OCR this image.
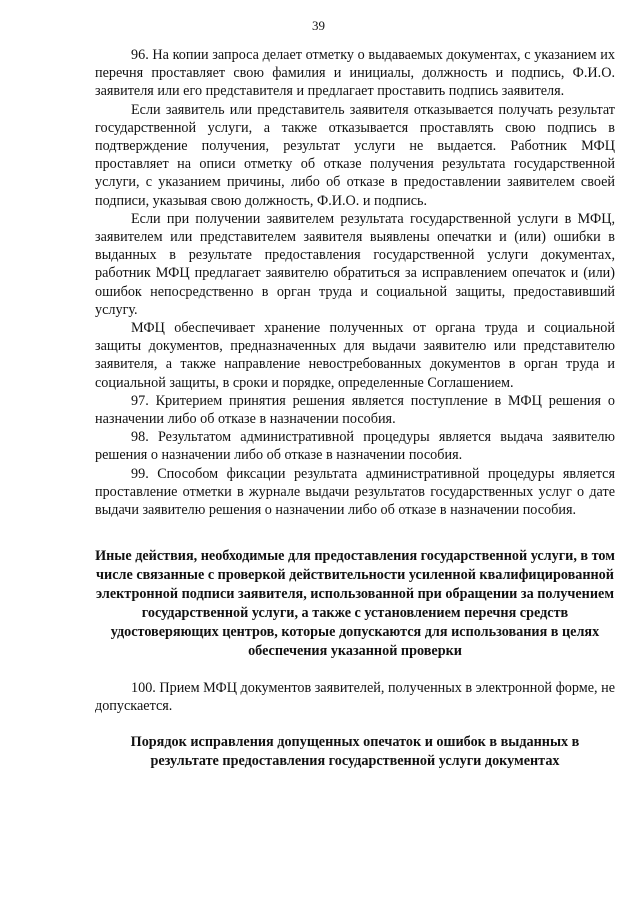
39

96. На копии запроса делает отметку о выдаваемых документах, с указанием их перечня проставляет свою фамилия и инициалы, должность и подпись, Ф.И.О. заявителя или его представителя и предлагает проставить подпись заявителя.

Если заявитель или представитель заявителя отказывается получать результат государственной услуги, а также отказывается проставлять свою подпись в подтверждение получения, результат услуги не выдается. Работник МФЦ проставляет на описи отметку об отказе получения результата государственной услуги, с указанием причины, либо об отказе в предоставлении заявителем своей подписи, указывая свою должность, Ф.И.О. и подпись.

Если при получении заявителем результата государственной услуги в МФЦ, заявителем или представителем заявителя выявлены опечатки и (или) ошибки в выданных в результате предоставления государственной услуги документах, работник МФЦ предлагает заявителю обратиться за исправлением опечаток и (или) ошибок непосредственно в орган труда и социальной защиты, предоставивший услугу.

МФЦ обеспечивает хранение полученных от органа труда и социальной защиты документов, предназначенных для выдачи заявителю или представителю заявителя, а также направление невостребованных документов в орган труда и социальной защиты, в сроки и порядке, определенные Соглашением.

97. Критерием принятия решения является поступление в МФЦ решения о назначении либо об отказе в назначении пособия.

98. Результатом административной процедуры является выдача заявителю решения о назначении либо об отказе в назначении пособия.

99. Способом фиксации результата административной процедуры является проставление отметки в журнале выдачи результатов государственных услуг о дате выдачи заявителю решения о назначении либо об отказе в назначении пособия.

Иные действия, необходимые для предоставления государственной услуги, в том числе связанные с проверкой действительности усиленной квалифицированной электронной подписи заявителя, использованной при обращении за получением государственной услуги, а также с установлением перечня средств удостоверяющих центров, которые допускаются для использования в целях обеспечения указанной проверки

100. Прием МФЦ документов заявителей, полученных в электронной форме, не допускается.

Порядок исправления допущенных опечаток и ошибок в выданных в результате предоставления государственной услуги документах
